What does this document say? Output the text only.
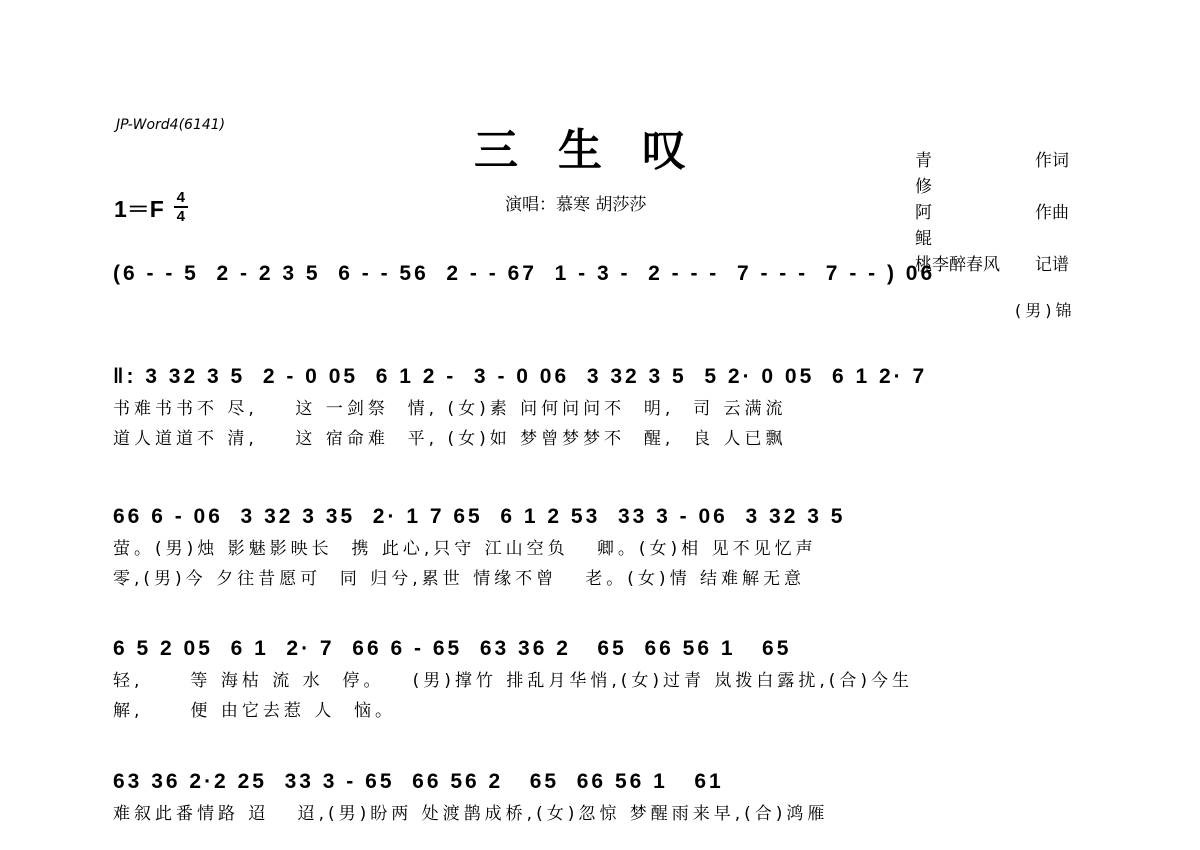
JP-Word4(6141)	三生叹
演唱：慕寒 胡莎莎
青修
作词
阿鲲
作曲
桃李醉春风	记谱
1＝F 4
4
(6 - - 5  2 - 2 3 5  6 - - 56  2 - - 67  1 - 3 -  2 - - -  7 - - -  7 - - ) 06
(男)锦
‖: 3 32 3 5  2 - 0 05  6 1 2 -  3 - 0 06  3 32 3 5  5 2· 0 05  6 1 2· 7
书难书书不 尽,    这 一剑祭  情, (女)素 问何问问不  明,  司 云满流
道人道道不 清,    这 宿命难  平, (女)如 梦曾梦梦不  醒,  良 人已飘
66 6 - 06  3 32 3 35  2· 1 7 65  6 1 2 53  33 3 - 06  3 32 3 5
萤。(男)烛 影魅影映长  携 此心,只守 江山空负   卿。(女)相 见不见忆声
零,(男)今 夕往昔愿可  同 归兮,累世 情缘不曾   老。(女)情 结难解无意
6 5 2 05  6 1  2· 7  66 6 - 65  63 36 2   65  66 56 1   65
轻,     等 海枯 流 水  停。   (男)撑竹 排乱月华悄,(女)过青 岚拨白露扰,(合)今生
解,     便 由它去惹 人  恼。
63 36 2·2 25  33 3 - 65  66 56 2   65  66 56 1   61
难叙此番情路 迢   迢,(男)盼两 处渡鹊成桥,(女)忽惊 梦醒雨来早,(合)鸿雁
